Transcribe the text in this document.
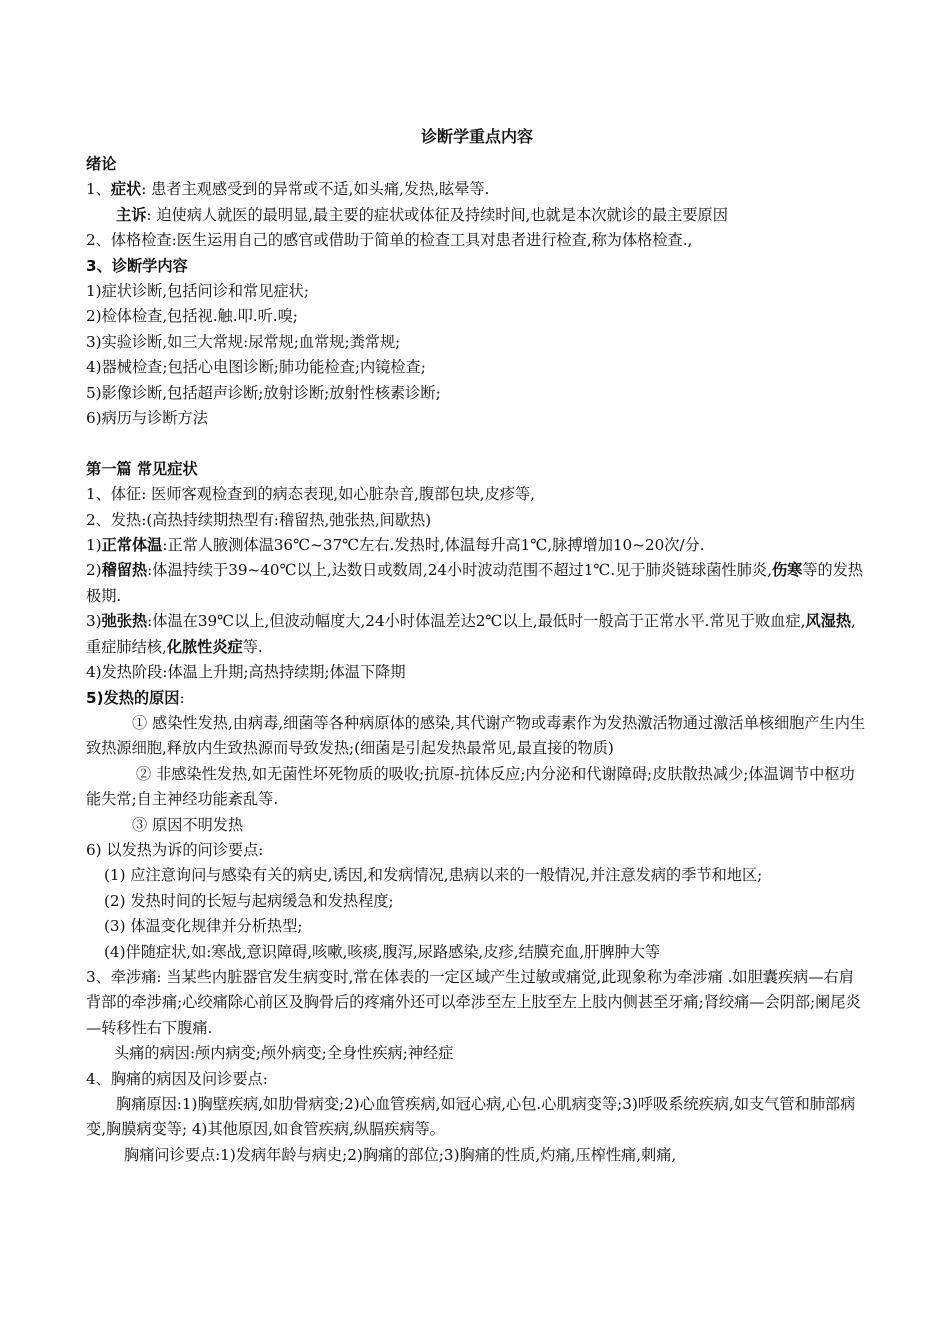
诊断学重点内容
绪论
1、症状: 患者主观感受到的异常或不适,如头痛,发热,眩晕等.
主诉: 迫使病人就医的最明显,最主要的症状或体征及持续时间,也就是本次就诊的最主要原因
2、体格检查:医生运用自己的感官或借助于简单的检查工具对患者进行检查,称为体格检查.,
3、诊断学内容
1)症状诊断,包括问诊和常见症状;
2)检体检查,包括视.触.叩.听.嗅;
3)实验诊断,如三大常规:尿常规;血常规;粪常规;
4)器械检查;包括心电图诊断;肺功能检查;内镜检查;
5)影像诊断,包括超声诊断;放射诊断;放射性核素诊断;
6)病历与诊断方法
第一篇 常见症状
1、体征: 医师客观检查到的病态表现,如心脏杂音,腹部包块,皮疹等,
2、发热:(高热持续期热型有:稽留热,弛张热,间歇热)
1)正常体温:正常人腋测体温36℃~37℃左右.发热时,体温每升高1℃,脉搏增加10~20次/分.
2)稽留热:体温持续于39~40℃以上,达数日或数周,24小时波动范围不超过1℃.见于肺炎链球菌性肺炎,伤寒等的发热极期.
3)弛张热:体温在39℃以上,但波动幅度大,24小时体温差达2℃以上,最低时一般高于正常水平.常见于败血症,风湿热,重症肺结核,化脓性炎症等.
4)发热阶段:体温上升期;高热持续期;体温下降期
5)发热的原因:
① 感染性发热,由病毒,细菌等各种病原体的感染,其代谢产物或毒素作为发热激活物通过激活单核细胞产生内生致热源细胞,释放内生致热源而导致发热;(细菌是引起发热最常见,最直接的物质)
② 非感染性发热,如无菌性坏死物质的吸收;抗原-抗体反应;内分泌和代谢障碍;皮肤散热减少;体温调节中枢功能失常;自主神经功能紊乱等.
③ 原因不明发热
6) 以发热为诉的问诊要点:
(1) 应注意询问与感染有关的病史,诱因,和发病情况,患病以来的一般情况,并注意发病的季节和地区;
(2) 发热时间的长短与起病缓急和发热程度;
(3) 体温变化规律并分析热型;
(4)伴随症状,如:寒战,意识障碍,咳嗽,咳痰,腹泻,尿路感染,皮疹,结膜充血,肝脾肿大等
3、牵涉痛: 当某些内脏器官发生病变时,常在体表的一定区域产生过敏或痛觉,此现象称为牵涉痛 .如胆囊疾病—右肩背部的牵涉痛;心绞痛除心前区及胸骨后的疼痛外还可以牵涉至左上肢至左上肢内侧甚至牙痛;肾绞痛—会阴部;阑尾炎—转移性右下腹痛.
头痛的病因:颅内病变;颅外病变;全身性疾病;神经症
4、胸痛的病因及问诊要点:
胸痛原因:1)胸壁疾病,如肋骨病变;2)心血管疾病,如冠心病,心包.心肌病变等;3)呼吸系统疾病,如支气管和肺部病变,胸膜病变等; 4)其他原因,如食管疾病,纵膈疾病等。
胸痛问诊要点:1)发病年龄与病史;2)胸痛的部位;3)胸痛的性质,灼痛,压榨性痛,刺痛,
